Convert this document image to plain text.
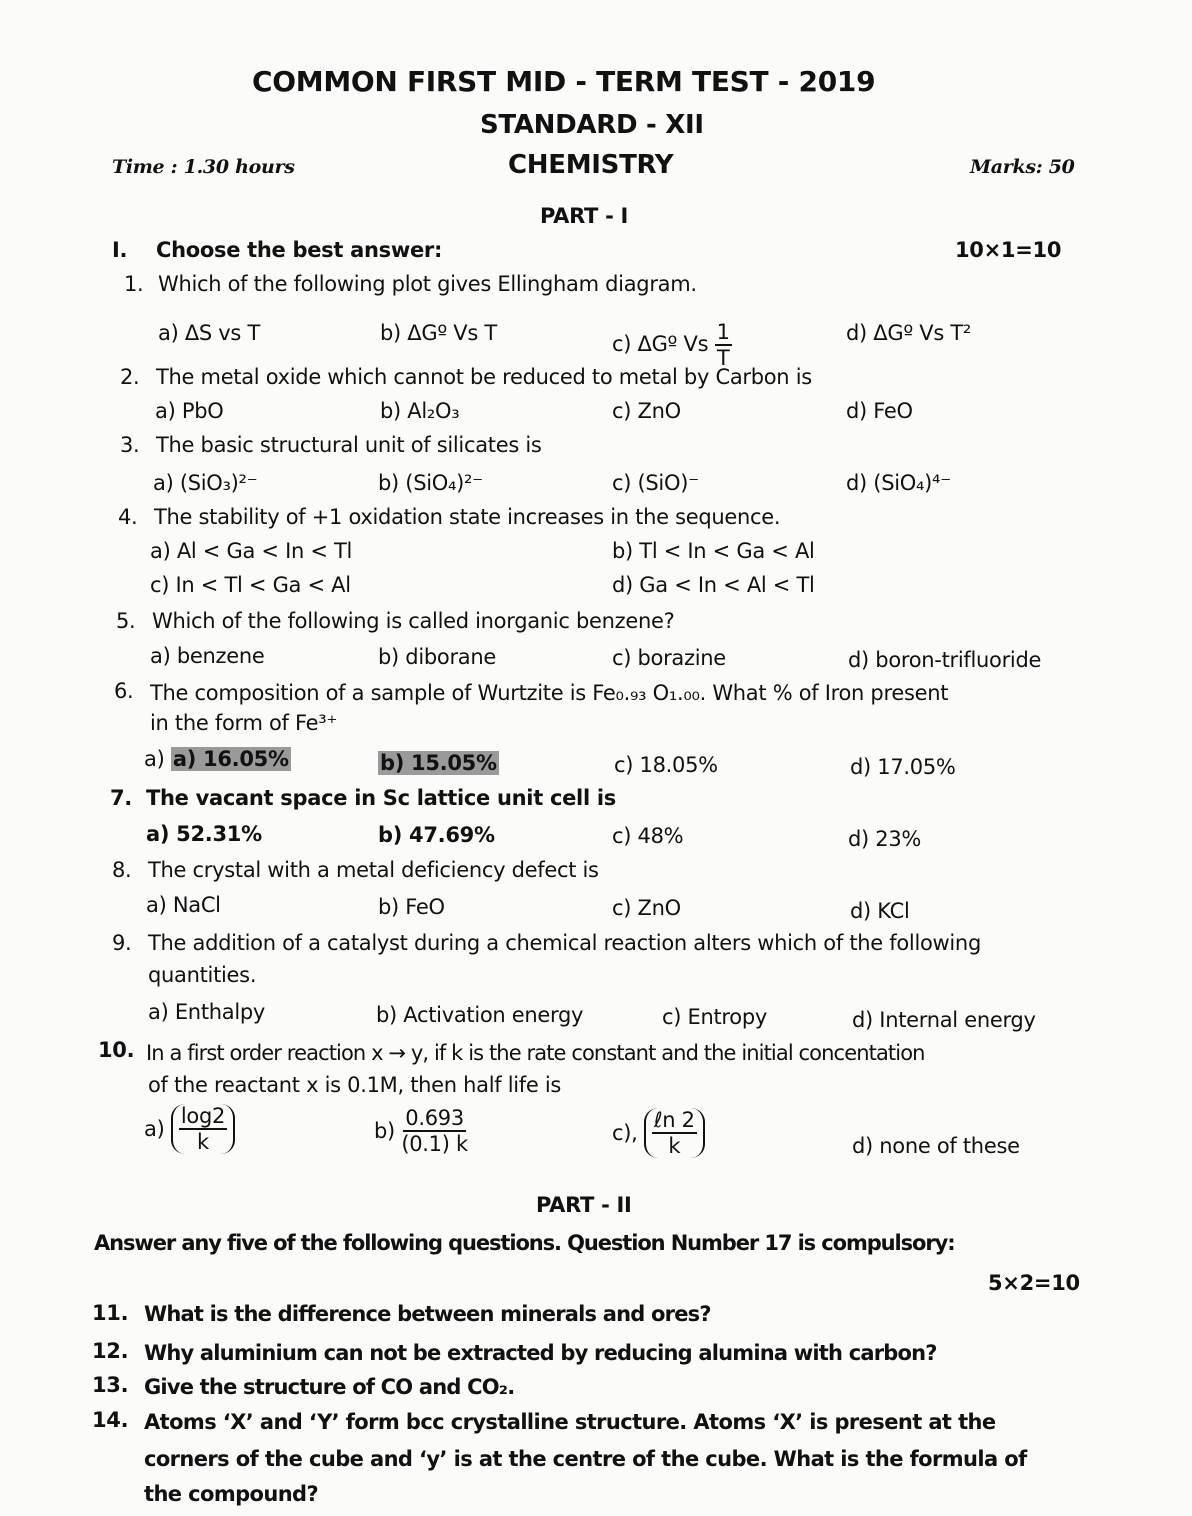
COMMON FIRST MID - TERM TEST - 2019
STANDARD - XII
Time : 1.30 hours	CHEMISTRY	Marks: 50
PART - I
I. Choose the best answer:	10×1=10
1. Which of the following plot gives Ellingham diagram.
a) ΔS vs T	b) ΔGº Vs T	c) ΔGº Vs $\frac{1}{T}$	d) ΔGº Vs T²
2. The metal oxide which cannot be reduced to metal by Carbon is
a) PbO	b) Al₂O₃	c) ZnO	d) FeO
3. The basic structural unit of silicates is
a) (SiO₃)²⁻	b) (SiO₄)²⁻	c) (SiO)⁻	d) (SiO₄)⁴⁻
4. The stability of +1 oxidation state increases in the sequence.
a) Al < Ga < In < Tl	b) Tl < In < Ga < Al
c) In < Tl < Ga < Al	d) Ga < In < Al < Tl
5. Which of the following is called inorganic benzene?
a) benzene	b) diborane	c) borazine	d) boron-trifluoride
6. The composition of a sample of Wurtzite is Fe₀.₉₃ O₁.₀₀. What % of Iron present
in the form of Fe³⁺
a) a) 16.05%	b) 15.05%	c) 18.05%	d) 17.05%
7. The vacant space in Sc lattice unit cell is
a) 52.31%	b) 47.69%	c) 48%	d) 23%
8. The crystal with a metal deficiency defect is
a) NaCl	b) FeO	c) ZnO	d) KCl
9. The addition of a catalyst during a chemical reaction alters which of the following
quantities.
a) Enthalpy	b) Activation energy	c) Entropy	d) Internal energy
10. In a first order reaction x → y, if k is the rate constant and the initial concentation
of the reactant x is 0.1M, then half life is
$a) \frac{\log 2}{k}$	$b) \frac{0.693}{(0.1) k}$	c), $\frac{\text{ℓn 2}}{k}$	d) none of these
PART - II
Answer any five of the following questions. Question Number 17 is compulsory:
5×2=10
11. What is the difference between minerals and ores?
12. Why aluminium can not be extracted by reducing alumina with carbon?
13. Give the structure of CO and CO₂.
14. Atoms ‘X’ and ‘Y’ form bcc crystalline structure. Atoms ‘X’ is present at the
corners of the cube and ‘y’ is at the centre of the cube. What is the formula of
the compound?
